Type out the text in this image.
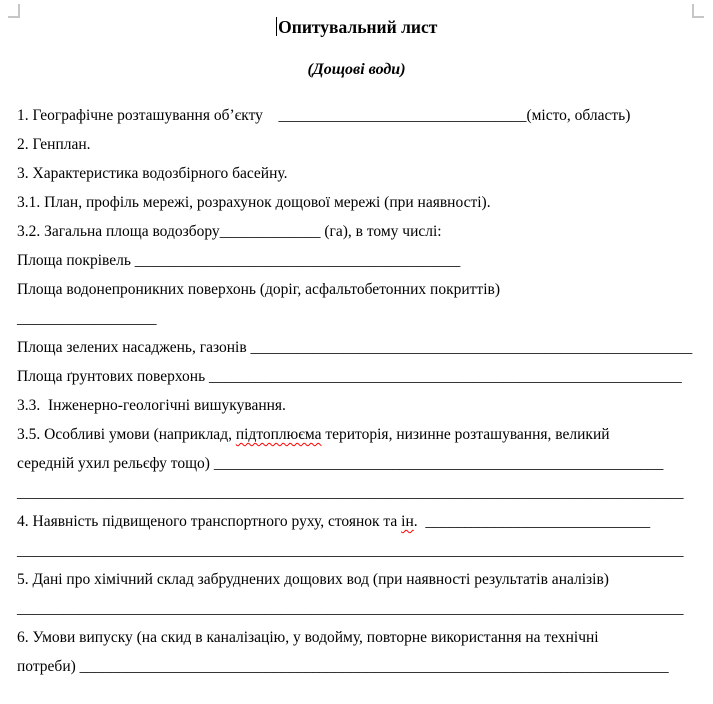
Опитувальний лист
(Дощові води)

1. Географічне розташування об’єкту    ________________________________(місто, область)

2. Генплан.

3. Характеристика водозбірного басейну.

3.1. План, профіль мережі, розрахунок дощової мережі (при наявності).

3.2. Загальна площа водозбору_____________ (га), в тому числі:

Площа покрівель __________________________________________

Площа водонепроникних поверхонь (доріг, асфальтобетонних покриттів)

__________________

Площа зелених насаджень, газонів _________________________________________________________

Площа ґрунтових поверхонь _____________________________________________________________

3.3.  Інженерно-геологічні вишукування.

3.5. Особливі умови (наприклад, підтоплюєма територія, низинне розташування, великий

середній ухил рельєфу тощо) __________________________________________________________

______________________________________________________________________________________

4. Наявність підвищеного транспортного руху, стоянок та ін.  _____________________________

______________________________________________________________________________________

5. Дані про хімічний склад забруднених дощових вод (при наявності результатів аналізів)

______________________________________________________________________________________

6. Умови випуску (на скид в каналізацію, у водойму, повторне використання на технічні

потреби) ____________________________________________________________________________
